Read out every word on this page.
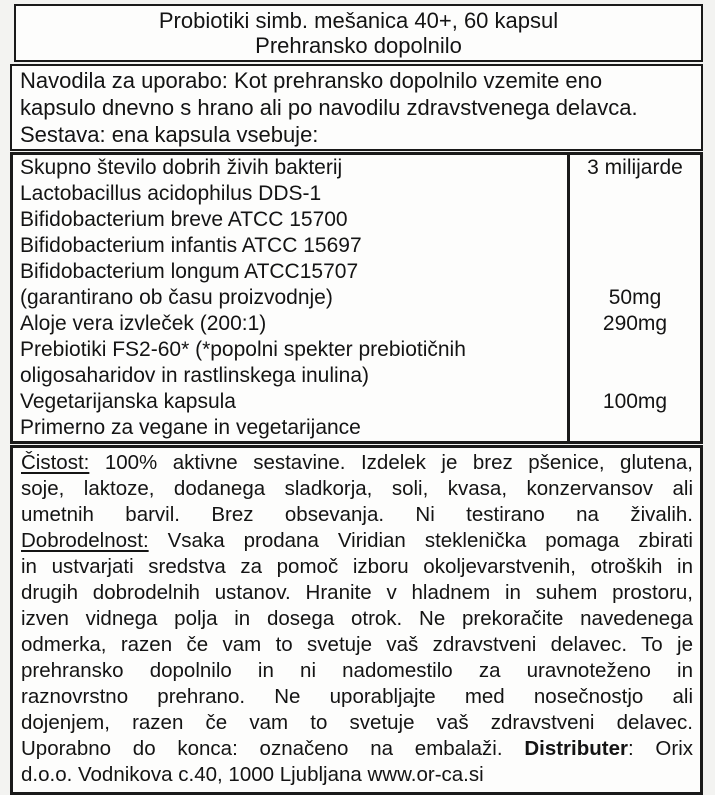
Probiotiki simb. mešanica 40+, 60 kapsul
Prehransko dopolnilo
Navodila za uporabo: Kot prehransko dopolnilo vzemite eno
kapsulo dnevno s hrano ali po navodilu zdravstvenega delavca.
Sestava: ena kapsula vsebuje:
Skupno število dobrih živih bakterij	3 milijarde
Lactobacillus acidophilus DDS-1
Bifidobacterium breve ATCC 15700
Bifidobacterium infantis ATCC 15697
Bifidobacterium longum ATCC15707
(garantirano ob času proizvodnje)	50mg
Aloje vera izvleček (200:1)	290mg
Prebiotiki FS2-60* (*popolni spekter prebiotičnih
oligosaharidov in rastlinskega inulina)
Vegetarijanska kapsula	100mg
Primerno za vegane in vegetarijance
Čistost: 100% aktivne sestavine. Izdelek je brez pšenice, glutena,
soje, laktoze, dodanega sladkorja, soli, kvasa, konzervansov ali
umetnih barvil. Brez obsevanja. Ni testirano na živalih.
Dobrodelnost: Vsaka prodana Viridian steklenička pomaga zbirati
in ustvarjati sredstva za pomoč izboru okoljevarstvenih, otroških in
drugih dobrodelnih ustanov. Hranite v hladnem in suhem prostoru,
izven vidnega polja in dosega otrok. Ne prekoračite navedenega
odmerka, razen če vam to svetuje vaš zdravstveni delavec. To je
prehransko dopolnilo in ni nadomestilo za uravnoteženo in
raznovrstno prehrano. Ne uporabljajte med nosečnostjo ali
dojenjem, razen če vam to svetuje vaš zdravstveni delavec.
Uporabno do konca: označeno na embalaži. Distributer: Orix
d.o.o. Vodnikova c.40, 1000 Ljubljana www.or-ca.si
